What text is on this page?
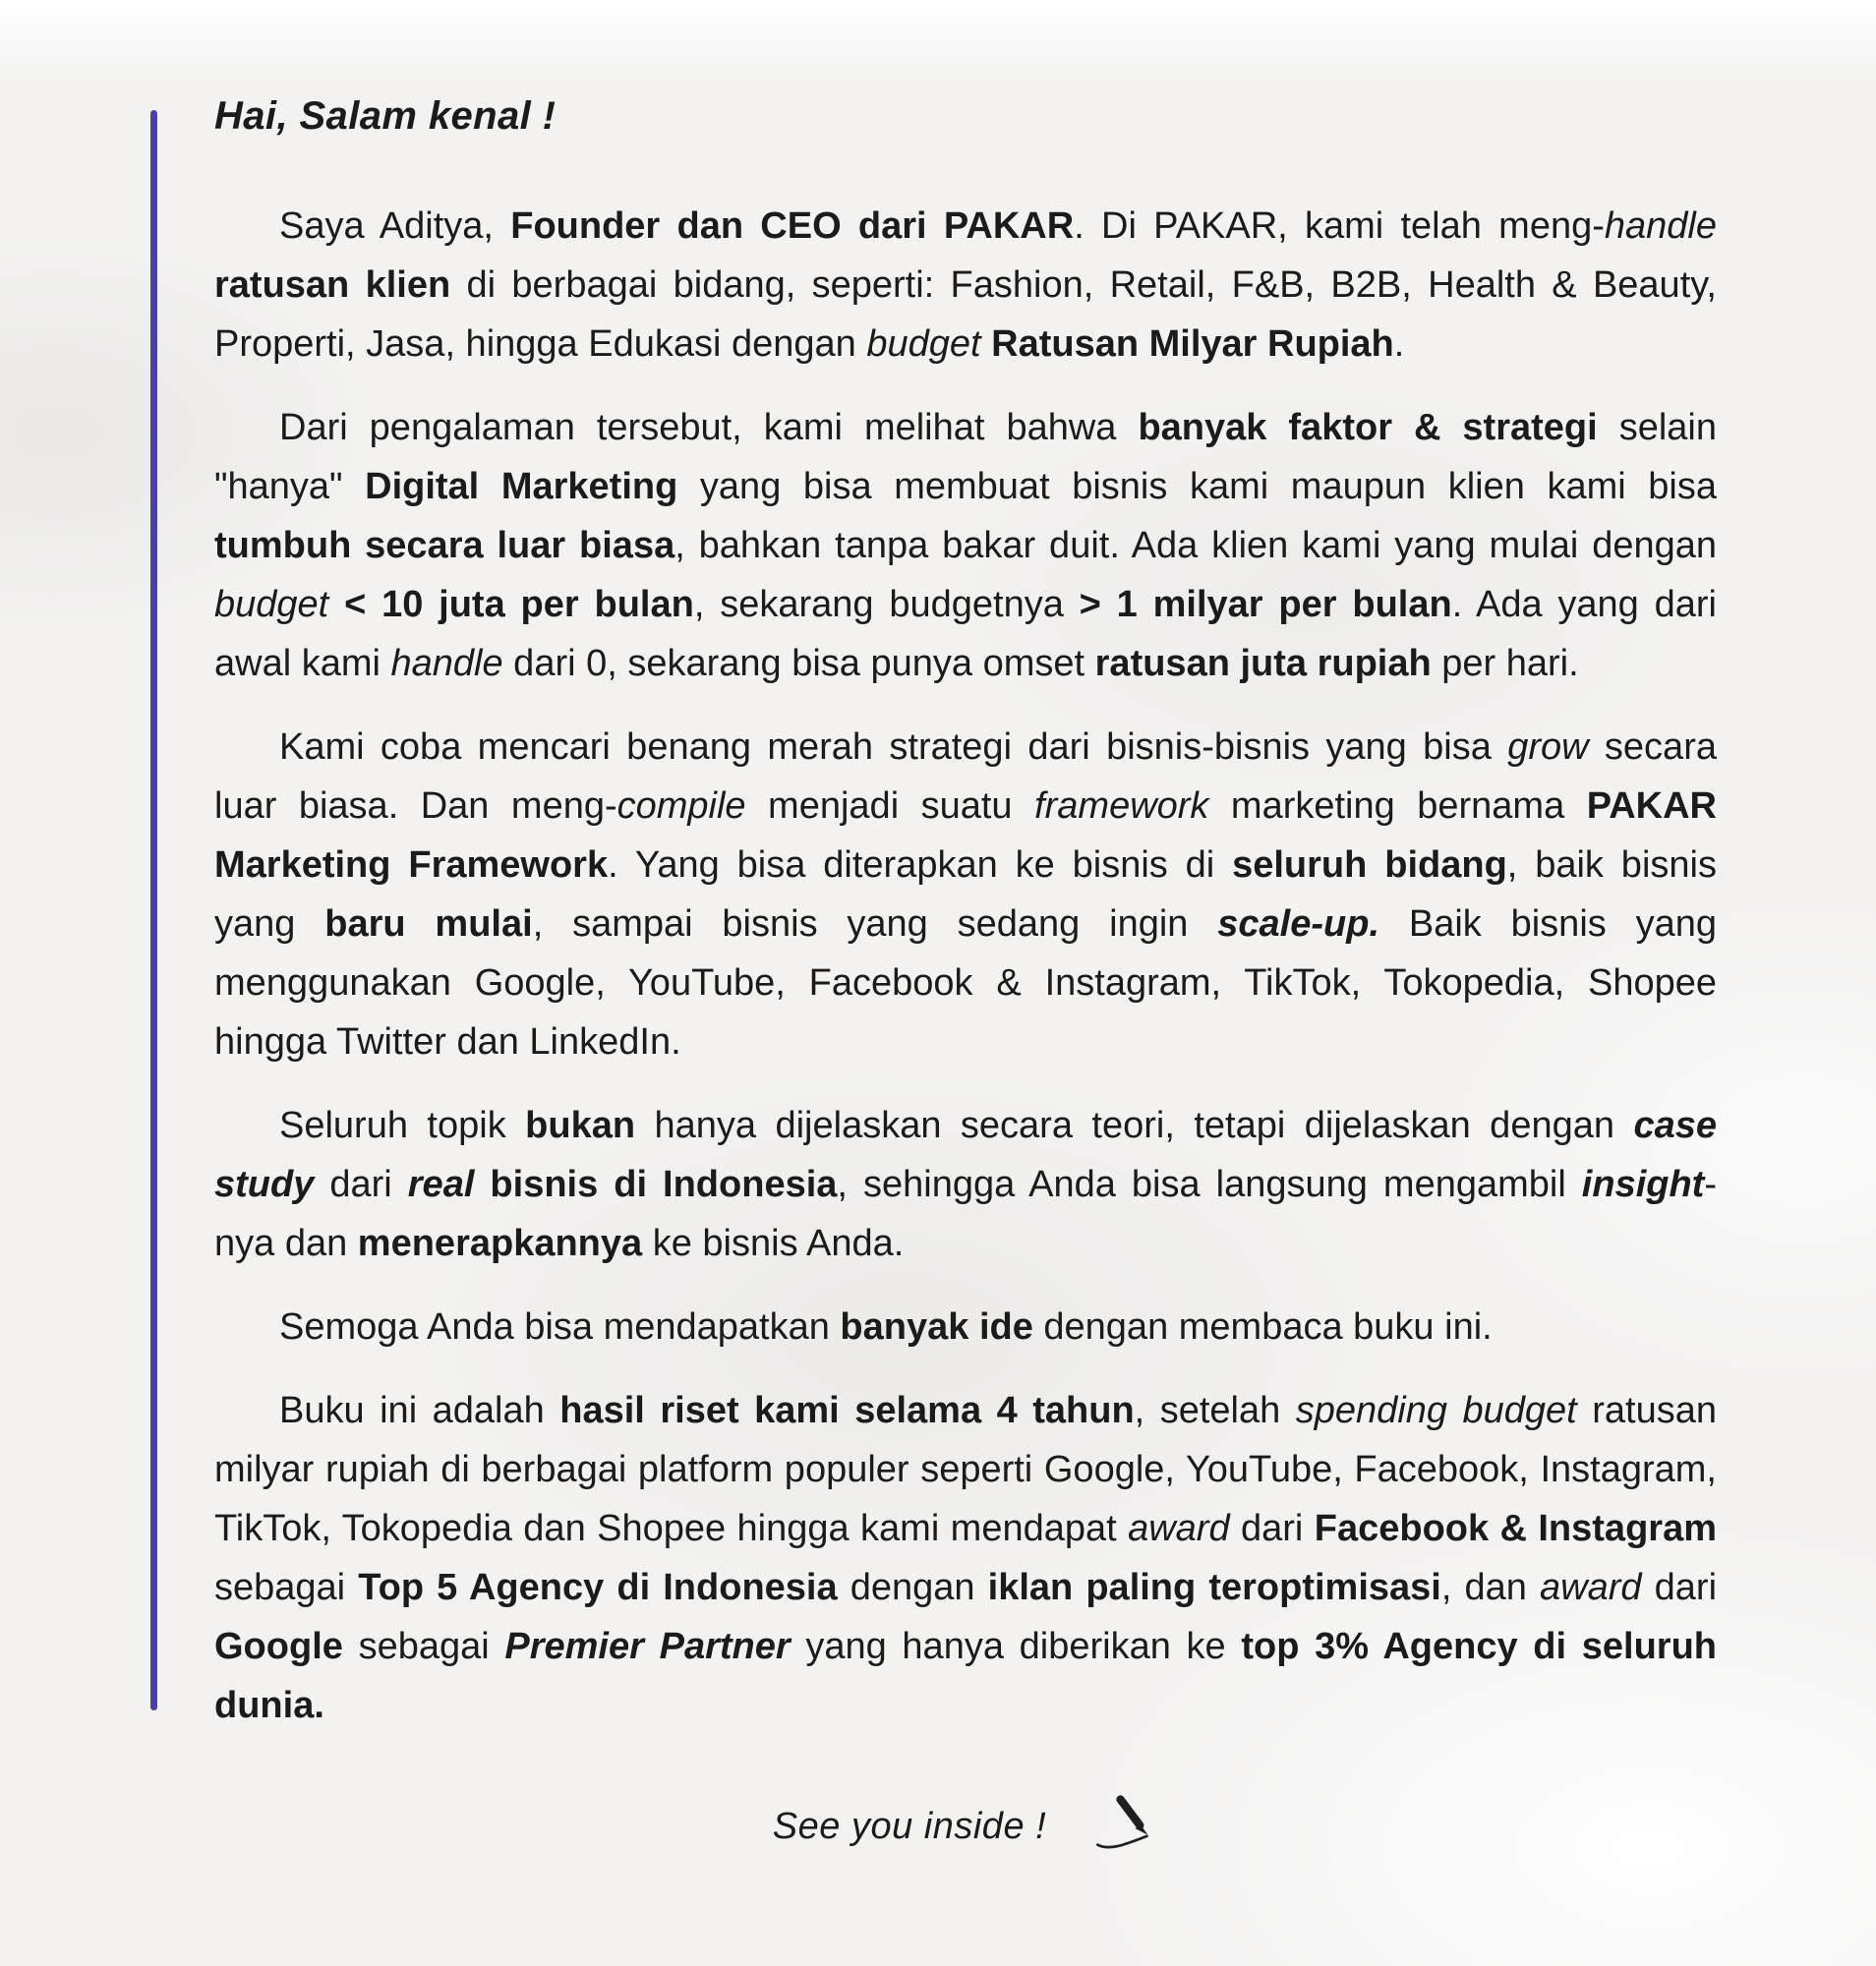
Hai, Salam kenal !

Saya Aditya, Founder dan CEO dari PAKAR. Di PAKAR, kami telah meng-handle ratusan klien di berbagai bidang, seperti: Fashion, Retail, F&B, B2B, Health & Beauty, Properti, Jasa, hingga Edukasi dengan budget Ratusan Milyar Rupiah.

Dari pengalaman tersebut, kami melihat bahwa banyak faktor & strategi selain "hanya" Digital Marketing yang bisa membuat bisnis kami maupun klien kami bisa tumbuh secara luar biasa, bahkan tanpa bakar duit. Ada klien kami yang mulai dengan budget < 10 juta per bulan, sekarang budgetnya > 1 milyar per bulan. Ada yang dari awal kami handle dari 0, sekarang bisa punya omset ratusan juta rupiah per hari.

Kami coba mencari benang merah strategi dari bisnis-bisnis yang bisa grow secara luar biasa. Dan meng-compile menjadi suatu framework marketing bernama PAKAR Marketing Framework. Yang bisa diterapkan ke bisnis di seluruh bidang, baik bisnis yang baru mulai, sampai bisnis yang sedang ingin scale-up. Baik bisnis yang menggunakan Google, YouTube, Facebook & Instagram, TikTok, Tokopedia, Shopee hingga Twitter dan LinkedIn.

Seluruh topik bukan hanya dijelaskan secara teori, tetapi dijelaskan dengan case study dari real bisnis di Indonesia, sehingga Anda bisa langsung mengambil insight-nya dan menerapkannya ke bisnis Anda.

Semoga Anda bisa mendapatkan banyak ide dengan membaca buku ini.

Buku ini adalah hasil riset kami selama 4 tahun, setelah spending budget ratusan milyar rupiah di berbagai platform populer seperti Google, YouTube, Facebook, Instagram, TikTok, Tokopedia dan Shopee hingga kami mendapat award dari Facebook & Instagram sebagai Top 5 Agency di Indonesia dengan iklan paling teroptimisasi, dan award dari Google sebagai Premier Partner yang hanya diberikan ke top 3% Agency di seluruh dunia.

See you inside !
